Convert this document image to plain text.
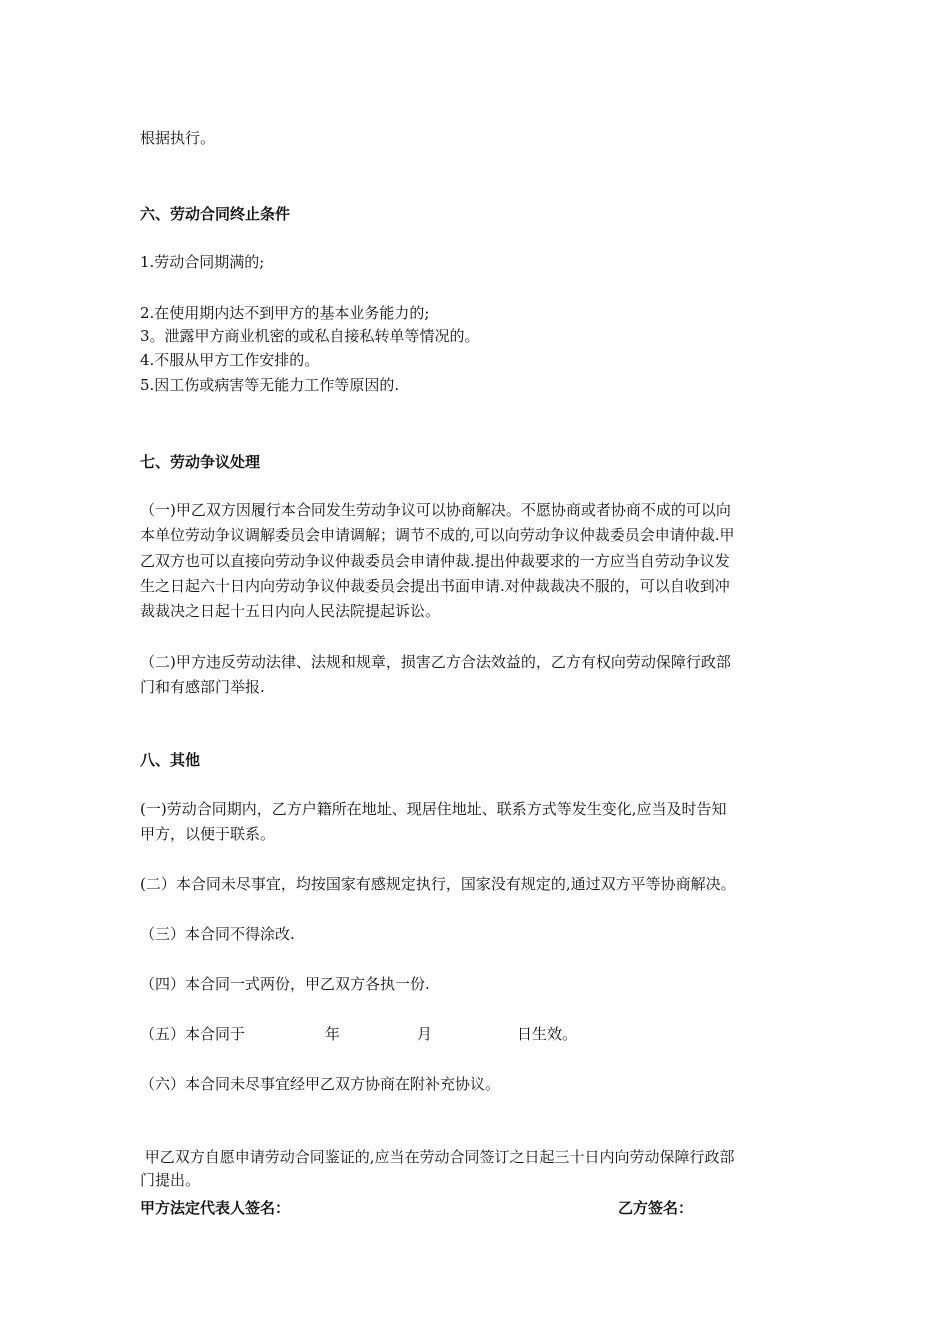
根据执行。

六、劳动合同终止条件

1.劳动合同期满的;

2.在使用期内达不到甲方的基本业务能力的;

3。泄露甲方商业机密的或私自接私转单等情况的。

4.不服从甲方工作安排的。

5.因工伤或病害等无能力工作等原因的.

七、劳动争议处理

（一)甲乙双方因履行本合同发生劳动争议可以协商解决。不愿协商或者协商不成的可以向

本单位劳动争议调解委员会申请调解；调节不成的,可以向劳动争议仲裁委员会申请仲裁.甲

乙双方也可以直接向劳动争议仲裁委员会申请仲裁.提出仲裁要求的一方应当自劳动争议发

生之日起六十日内向劳动争议仲裁委员会提出书面申请.对仲裁裁决不服的，可以自收到冲

裁裁决之日起十五日内向人民法院提起诉讼。

（二)甲方违反劳动法律、法规和规章，损害乙方合法效益的，乙方有权向劳动保障行政部

门和有感部门举报.

八、其他

(一)劳动合同期内，乙方户籍所在地址、现居住地址、联系方式等发生变化,应当及时告知

甲方，以便于联系。

(二）本合同未尽事宜，均按国家有感规定执行，国家没有规定的,通过双方平等协商解决。

（三）本合同不得涂改.

（四）本合同一式两份，甲乙双方各执一份.

（五）本合同于	年	月	日生效。

（六）本合同未尽事宜经甲乙双方协商在附补充协议。

甲乙双方自愿申请劳动合同鉴证的,应当在劳动合同签订之日起三十日内向劳动保障行政部

门提出。

甲方法定代表人签名：	乙方签名：
